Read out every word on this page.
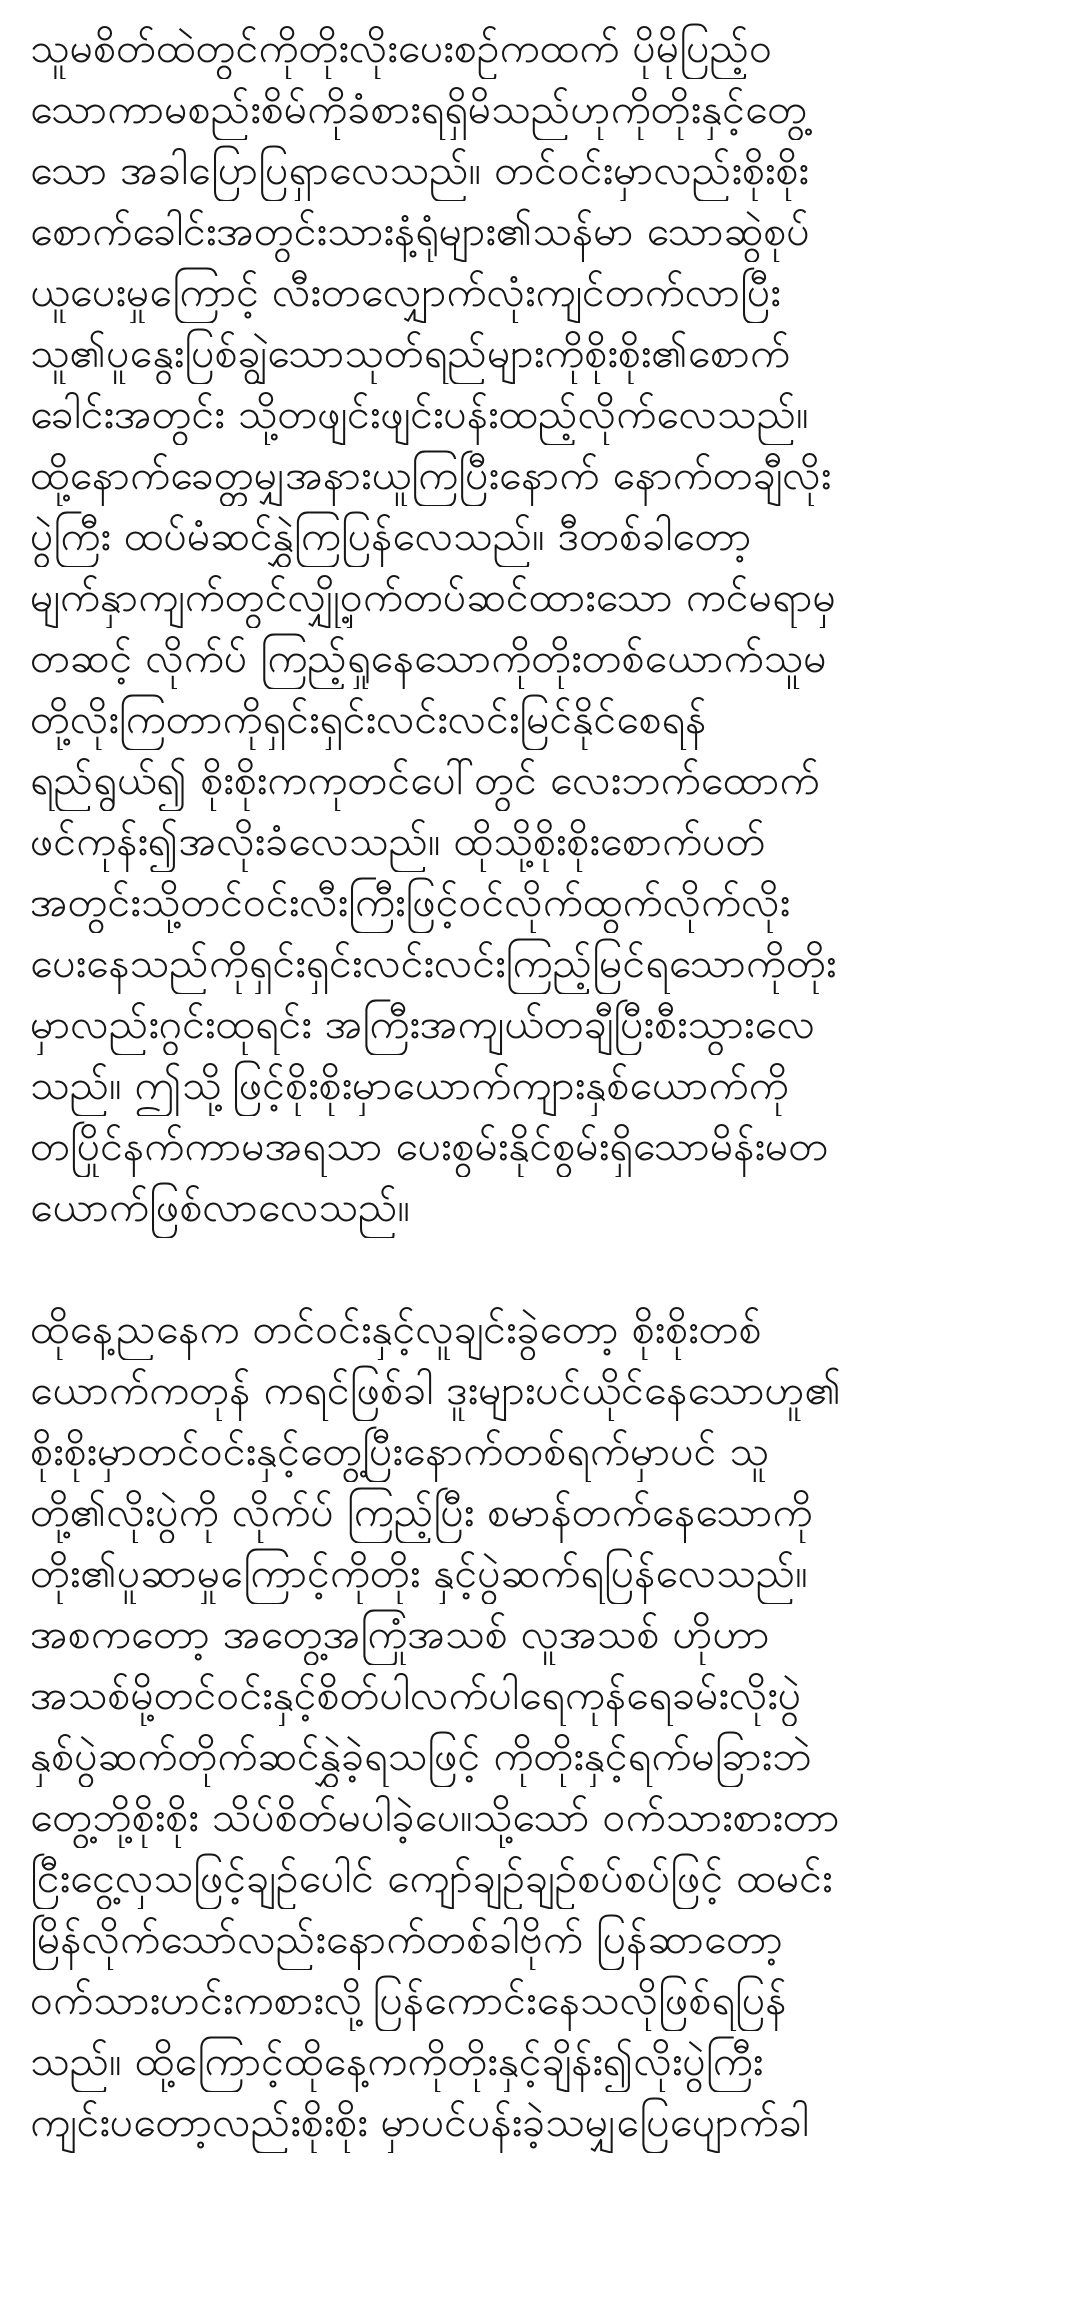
သူမစိတ်ထဲတွင်ကိုတိုးလိုးပေးစဉ်ကထက် ပိုမိုပြည့်ဝ
သောကာမစည်းစိမ်ကိုခံစားရရှိမိသည်ဟုကိုတိုးနှင့်တွေ့
သော အခါပြောပြရှာလေသည်။ တင်ဝင်းမှာလည်းစိုးစိုး
စောက်ခေါင်းအတွင်းသားနံ့ရုံများ၏သန်မာ သောဆွဲစုပ်
ယူပေးမှုကြောင့် လီးတလျှောက်လုံးကျင်တက်လာပြီး
သူ၏ပူနွေးပြစ်ချွဲသောသုတ်ရည်များကိုစိုးစိုး၏စောက်
ခေါင်းအတွင်း သို့တဖျင်းဖျင်းပန်းထည့်လိုက်လေသည်။
ထို့နောက်ခေတ္တမျှအနားယူကြပြီးနောက် နောက်တချီလိုး
ပွဲကြီး ထပ်မံဆင်နွှဲကြပြန်လေသည်။ ဒီတစ်ခါတော့
မျက်နှာကျက်တွင်လျှို့ဝှက်တပ်ဆင်ထားသော ကင်မရာမှ
တဆင့် လိုက်ပ် ကြည့်ရှုနေသောကိုတိုးတစ်ယောက်သူမ
တို့လိုးကြတာကိုရှင်းရှင်းလင်းလင်းမြင်နိုင်စေရန်
ရည်ရွယ်၍ စိုးစိုးကကုတင်ပေါ်တွင် လေးဘက်ထောက်
ဖင်ကုန်း၍အလိုးခံလေသည်။ ထိုသို့စိုးစိုးစောက်ပတ်
အတွင်းသို့တင်ဝင်းလီးကြီးဖြင့်ဝင်လိုက်ထွက်လိုက်လိုး
ပေးနေသည်ကိုရှင်းရှင်းလင်းလင်းကြည့်မြင်ရသောကိုတိုး
မှာလည်းဂွင်းထုရင်း အကြီးအကျယ်တချီပြီးစီးသွားလေ
သည်။ ဤသို့ဖြင့်စိုးစိုးမှာယောက်ကျားနှစ်ယောက်ကို
တပြိုင်နက်ကာမအရသာ ပေးစွမ်းနိုင်စွမ်းရှိသောမိန်းမတ
ယောက်ဖြစ်လာလေသည်။
ထိုနေ့ညနေက တင်ဝင်းနှင့်လူချင်းခွဲတော့ စိုးစိုးတစ်
ယောက်ကတုန် ကရင်ဖြစ်ခါ ဒူးများပင်ယိုင်နေသောဟူ၏
စိုးစိုးမှာတင်ဝင်းနှင့်တွေ့ပြီးနောက်တစ်ရက်မှာပင် သူ
တို့၏လိုးပွဲကို လိုက်ပ် ကြည့်ပြီး စမာန်တက်နေသောကို
တိုး၏ပူဆာမှုကြောင့်ကိုတိုး နှင့်ပွဲဆက်ရပြန်လေသည်။
အစကတော့ အတွေ့အကြုံအသစ် လူအသစ် ဟိုဟာ
အသစ်မို့တင်ဝင်းနှင့်စိတ်ပါလက်ပါရေကုန်ရေခမ်းလိုးပွဲ
နှစ်ပွဲဆက်တိုက်ဆင်နွှဲခဲ့ရသဖြင့် ကိုတိုးနှင့်ရက်မခြားဘဲ
တွေ့ဘို့စိုးစိုး သိပ်စိတ်မပါခဲ့ပေ။သို့သော် ဝက်သားစားတာ
ငြီးငွေ့လှသဖြင့်ချဉ်ပေါင် ကျော်ချဉ်ချဉ်စပ်စပ်ဖြင့် ထမင်း
မြိန်လိုက်သော်လည်းနောက်တစ်ခါဗိုက် ပြန်ဆာတော့
ဝက်သားဟင်းကစားလို့ပြန်ကောင်းနေသလိုဖြစ်ရပြန်
သည်။ ထို့ကြောင့်ထိုနေ့ကကိုတိုးနှင့်ချိန်း၍လိုးပွဲကြီး
ကျင်းပတော့လည်းစိုးစိုး မှာပင်ပန်းခဲ့သမျှပြေပျောက်ခါ
